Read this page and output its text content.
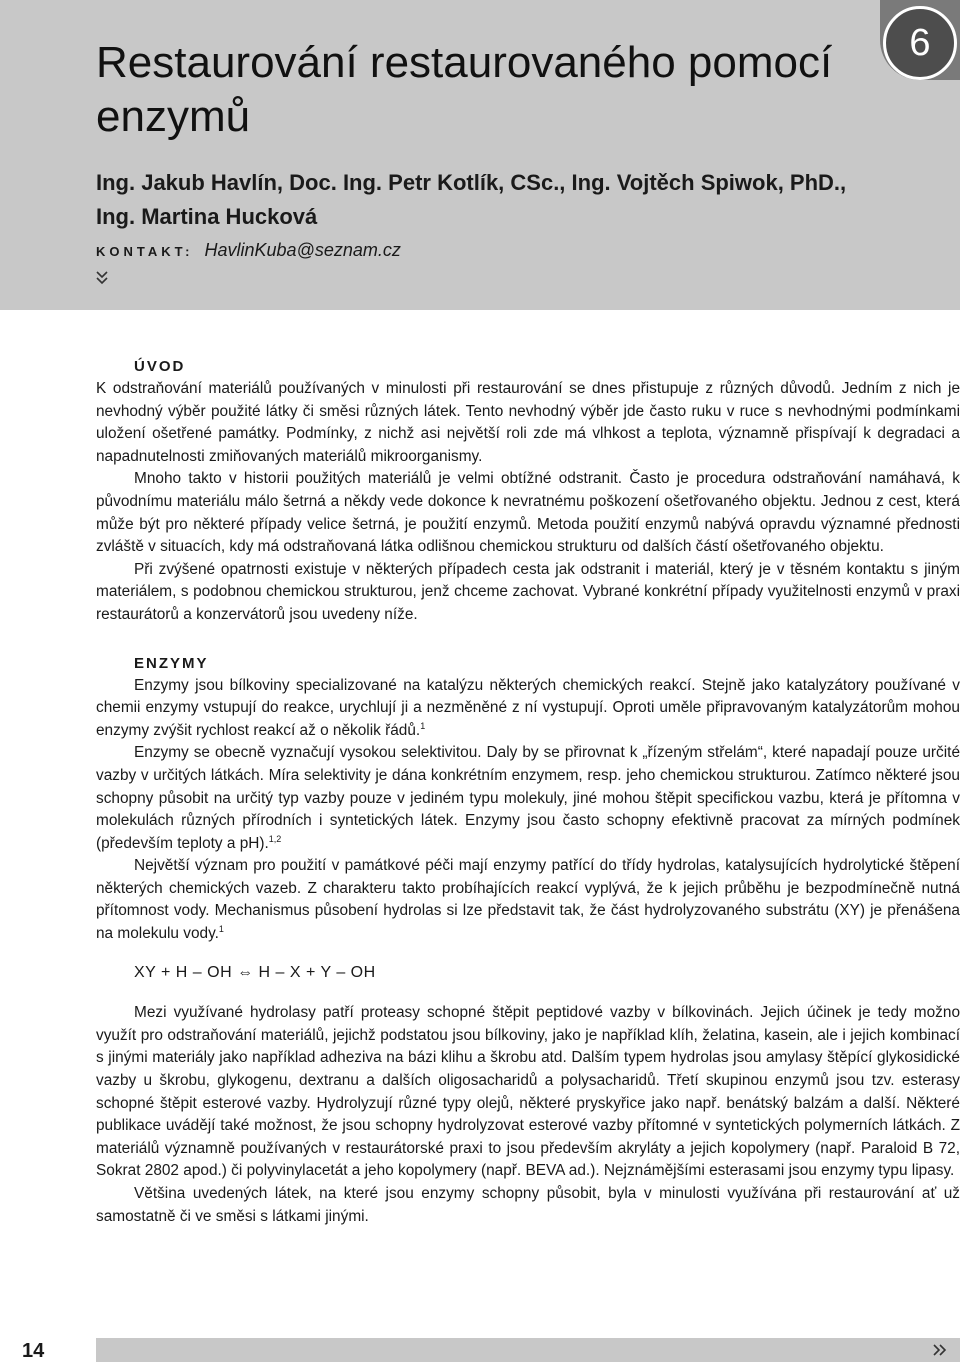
6
Restaurování restaurovaného pomocí enzymů
Ing. Jakub Havlín, Doc. Ing. Petr Kotlík, CSc., Ing. Vojtěch Spiwok, PhD., Ing. Martina Hucková
KONTAKT: HavlinKuba@seznam.cz
ÚVOD

K odstraňování materiálů používaných v minulosti při restaurování se dnes přistupuje z různých důvodů. Jedním z nich je nevhodný výběr použité látky či směsi různých látek. Tento nevhodný výběr jde často ruku v ruce s nevhodnými podmínkami uložení ošetřené památky. Podmínky, z nichž asi největší roli zde má vlhkost a teplota, významně přispívají k degradaci a napadnutelnosti zmiňovaných materiálů mikroorganismy.

Mnoho takto v historii použitých materiálů je velmi obtížné odstranit. Často je procedura odstraňování namáhavá, k původnímu materiálu málo šetrná a někdy vede dokonce k nevratnému poškození ošetřovaného objektu. Jednou z cest, která může být pro některé případy velice šetrná, je použití enzymů. Metoda použití enzymů nabývá opravdu významné přednosti zvláště v situacích, kdy má odstraňovaná látka odlišnou chemickou strukturu od dalších částí ošetřovaného objektu.

Při zvýšené opatrnosti existuje v některých případech cesta jak odstranit i materiál, který je v těsném kontaktu s jiným materiálem, s podobnou chemickou strukturou, jenž chceme zachovat. Vybrané konkrétní případy využitelnosti enzymů v praxi restaurátorů a konzervátorů jsou uvedeny níže.

ENZYMY

Enzymy jsou bílkoviny specializované na katalýzu některých chemických reakcí. Stejně jako katalyzátory používané v chemii enzymy vstupují do reakce, urychlují ji a nezměněné z ní vystupují. Oproti uměle připravovaným katalyzátorům mohou enzymy zvýšit rychlost reakcí až o několik řádů.$^1$

Enzymy se obecně vyznačují vysokou selektivitou. Daly by se přirovnat k „řízeným střelám“, které napadají pouze určité vazby v určitých látkách. Míra selektivity je dána konkrétním enzymem, resp. jeho chemickou strukturou. Zatímco některé jsou schopny působit na určitý typ vazby pouze v jediném typu molekuly, jiné mohou štěpit specifickou vazbu, která je přítomna v molekulách různých přírodních i syntetických látek. Enzymy jsou často schopny efektivně pracovat za mírných podmínek (především teploty a pH).$^{1,2}$

Největší význam pro použití v památkové péči mají enzymy patřící do třídy hydrolas, katalysujících hydrolytické štěpení některých chemických vazeb. Z charakteru takto probíhajících reakcí vyplývá, že k jejich průběhu je bezpodmínečně nutná přítomnost vody. Mechanismus působení hydrolas si lze představit tak, že část hydrolyzovaného substrátu (XY) je přenášena na molekulu vody.$^1$

XY + H – OH ⇔ H – X + Y – OH

Mezi využívané hydrolasy patří proteasy schopné štěpit peptidové vazby v bílkovinách. Jejich účinek je tedy možno využít pro odstraňování materiálů, jejichž podstatou jsou bílkoviny, jako je například klíh, želatina, kasein, ale i jejich kombinací s jinými materiály jako například adheziva na bázi klihu a škrobu atd. Dalším typem hydrolas jsou amylasy štěpící glykosidické vazby u škrobu, glykogenu, dextranu a dalších oligosacharidů a polysacharidů. Třetí skupinou enzymů jsou tzv. esterasy schopné štěpit esterové vazby. Hydrolyzují různé typy olejů, některé pryskyřice jako např. benátský balzám a další. Některé publikace uvádějí také možnost, že jsou schopny hydrolyzovat esterové vazby přítomné v syntetických polymerních látkách. Z materiálů významně používaných v restaurátorské praxi to jsou především akryláty a jejich kopolymery (např. Paraloid B 72, Sokrat 2802 apod.) či polyvinylacetát a jeho kopolymery (např. BEVA ad.). Nejznámějšími esterasami jsou enzymy typu lipasy.

Většina uvedených látek, na které jsou enzymy schopny působit, byla v minulosti využívána při restaurování ať už samostatně či ve směsi s látkami jinými.

14
